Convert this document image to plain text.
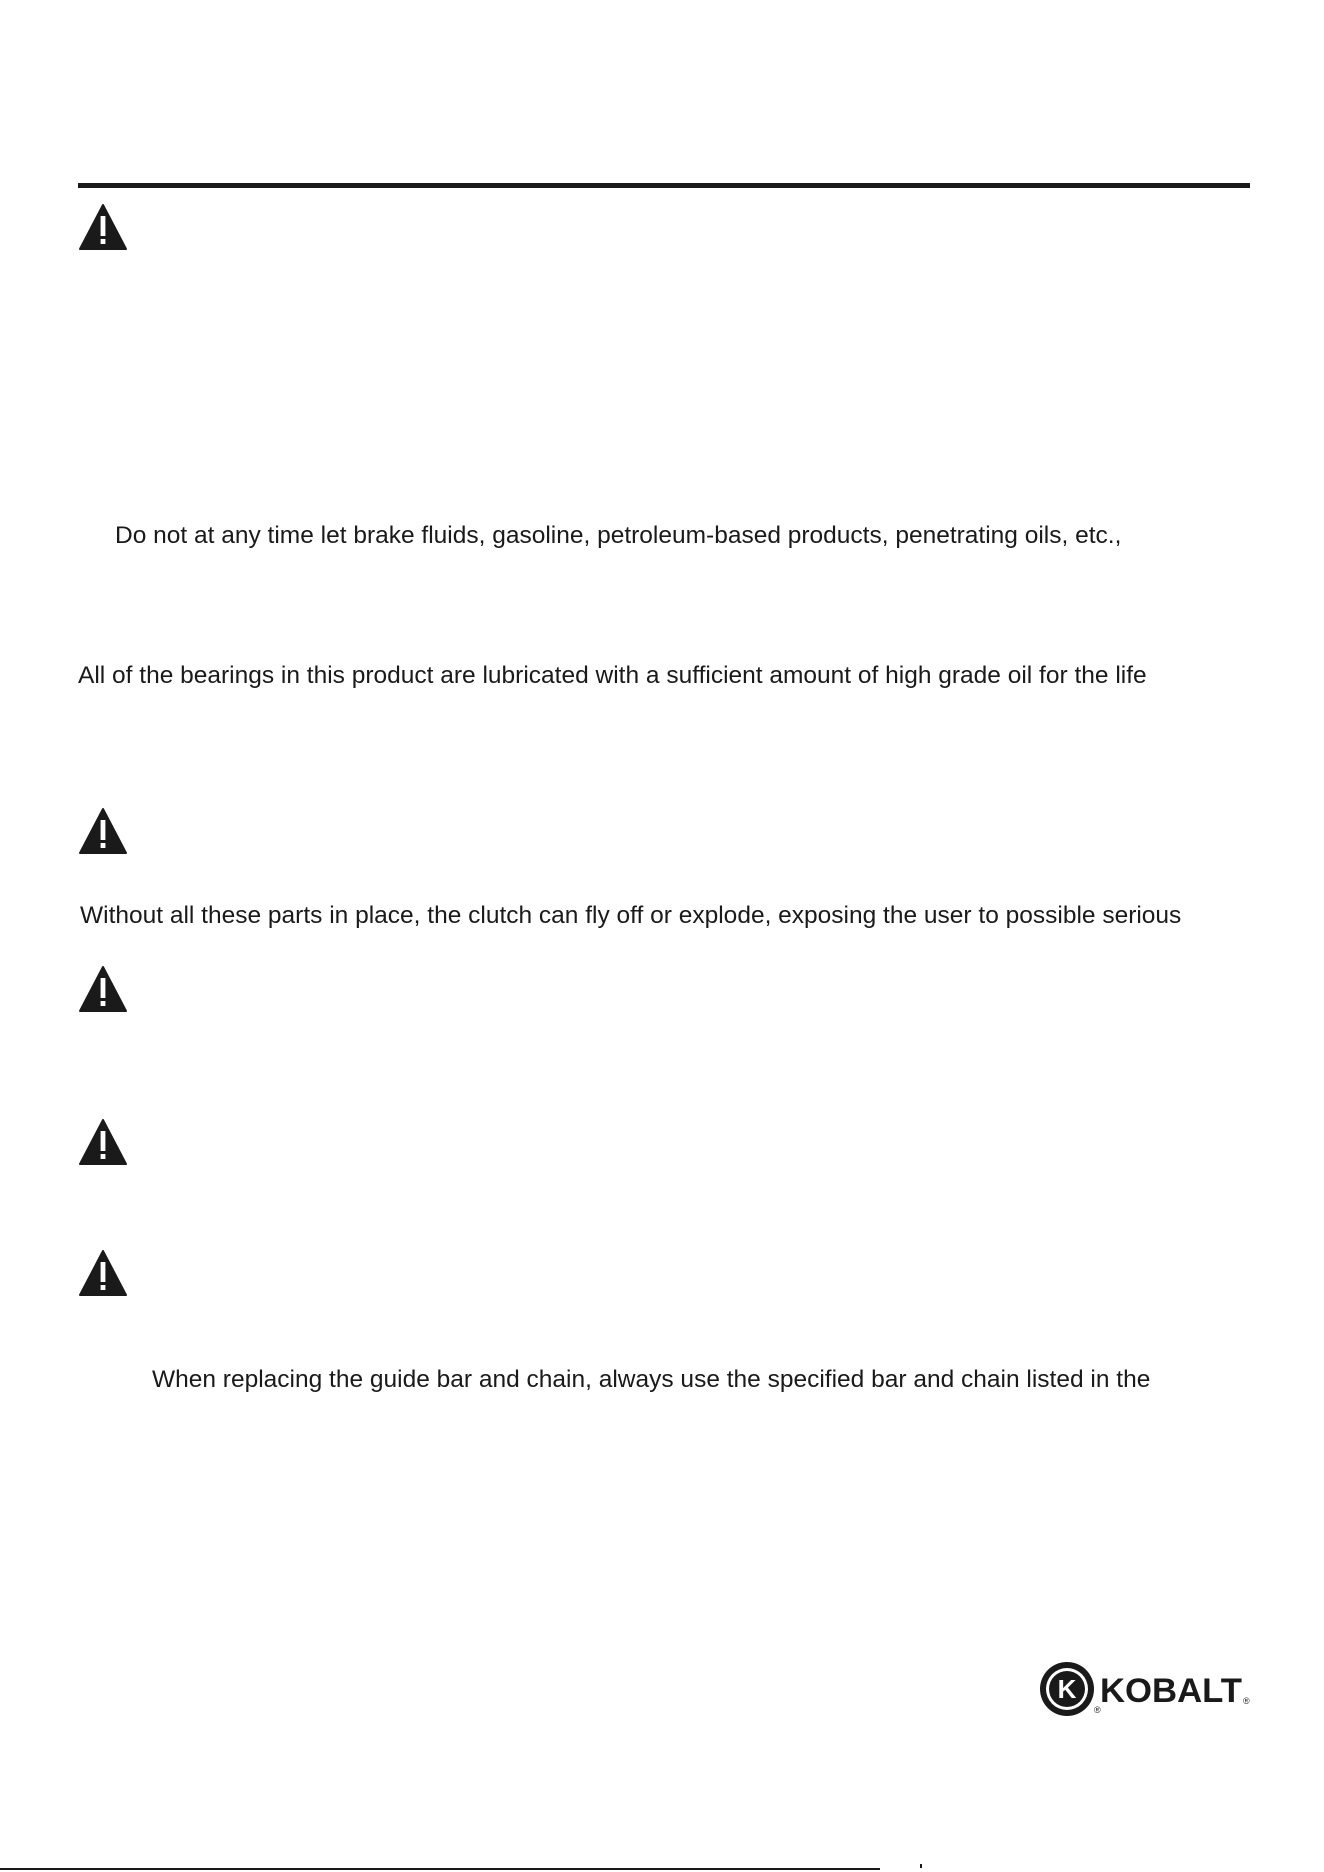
Do not at any time let brake fluids, gasoline, petroleum-based products, penetrating oils, etc.,
All of the bearings in this product are lubricated with a sufficient amount of high grade oil for the life
Without all these parts in place, the clutch can fly off or explode, exposing the user to possible serious
When replacing the guide bar and chain, always use the specified bar and chain listed in the
K
® KOBALT ®
